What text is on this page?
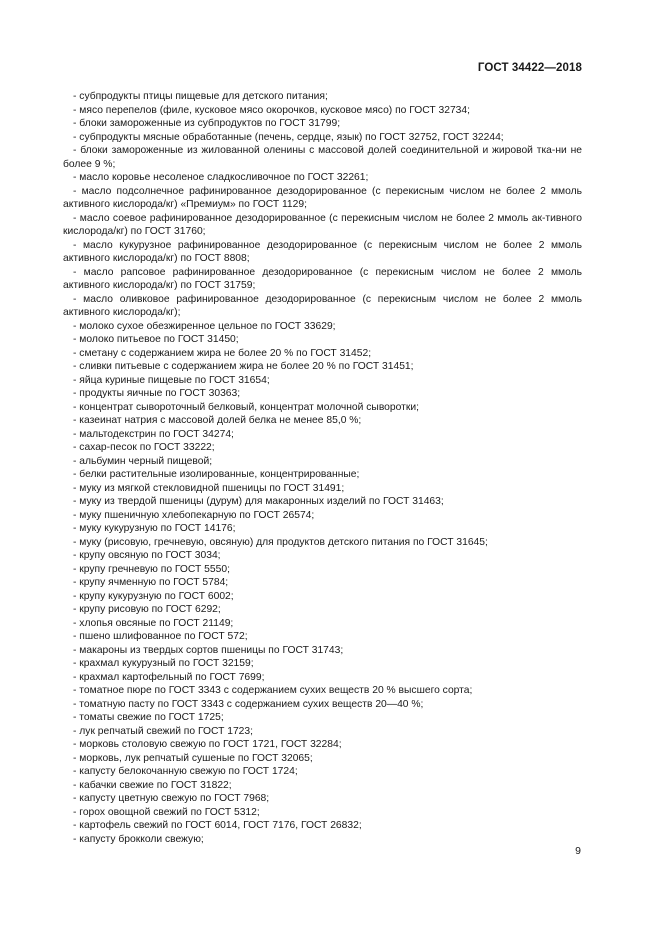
ГОСТ 34422—2018

- субпродукты птицы пищевые для детского питания;

- мясо перепелов (филе, кусковое мясо окорочков, кусковое мясо) по ГОСТ 32734;

- блоки замороженные из субпродуктов по ГОСТ 31799;

- субпродукты мясные обработанные (печень, сердце, язык) по ГОСТ 32752, ГОСТ 32244;

- блоки замороженные из жилованной оленины с массовой долей соединительной и жировой тка-ни не более 9 %;

- масло коровье несоленое сладкосливочное по ГОСТ 32261;

- масло подсолнечное рафинированное дезодорированное (с перекисным числом не более 2 ммоль активного кислорода/кг) «Премиум» по ГОСТ 1129;

- масло соевое рафинированное дезодорированное (с перекисным числом не более 2 ммоль ак-тивного кислорода/кг) по ГОСТ 31760;

- масло кукурузное рафинированное дезодорированное (с перекисным числом не более 2 ммоль активного кислорода/кг) по ГОСТ 8808;

- масло рапсовое рафинированное дезодорированное (с перекисным числом не более 2 ммоль активного кислорода/кг) по ГОСТ 31759;

- масло оливковое рафинированное дезодорированное (с перекисным числом не более 2 ммоль активного кислорода/кг);

- молоко сухое обезжиренное цельное по ГОСТ 33629;

- молоко питьевое по ГОСТ 31450;

- сметану с содержанием жира не более 20 % по ГОСТ 31452;

- сливки питьевые с содержанием жира не более 20 % по ГОСТ 31451;

- яйца куриные пищевые по ГОСТ 31654;

- продукты яичные по ГОСТ 30363;

- концентрат сывороточный белковый, концентрат молочной сыворотки;

- казеинат натрия с массовой долей белка не менее 85,0 %;

- мальтодекстрин по ГОСТ 34274;

- сахар-песок по ГОСТ 33222;

- альбумин черный пищевой;

- белки растительные изолированные, концентрированные;

- муку из мягкой стекловидной пшеницы по ГОСТ 31491;

- муку из твердой пшеницы (дурум) для макаронных изделий по ГОСТ 31463;

- муку пшеничную хлебопекарную по ГОСТ 26574;

- муку кукурузную по ГОСТ 14176;

- муку (рисовую, гречневую, овсяную) для продуктов детского питания по ГОСТ 31645;

- крупу овсяную по ГОСТ 3034;

- крупу гречневую по ГОСТ 5550;

- крупу ячменную по ГОСТ 5784;

- крупу кукурузную по ГОСТ 6002;

- крупу рисовую по ГОСТ 6292;

- хлопья овсяные по ГОСТ 21149;

- пшено шлифованное по ГОСТ 572;

- макароны из твердых сортов пшеницы по ГОСТ 31743;

- крахмал кукурузный по ГОСТ 32159;

- крахмал картофельный по ГОСТ 7699;

- томатное пюре по ГОСТ 3343 с содержанием сухих веществ 20 % высшего сорта;

- томатную пасту по ГОСТ 3343 с содержанием сухих веществ 20—40 %;

- томаты свежие по ГОСТ 1725;

- лук репчатый свежий по ГОСТ 1723;

- морковь столовую свежую по ГОСТ 1721, ГОСТ 32284;

- морковь, лук репчатый сушеные по ГОСТ 32065;

- капусту белокочанную свежую по ГОСТ 1724;

- кабачки свежие по ГОСТ 31822;

- капусту цветную свежую по ГОСТ 7968;

- горох овощной свежий по ГОСТ 5312;

- картофель свежий по ГОСТ 6014, ГОСТ 7176, ГОСТ 26832;

- капусту брокколи свежую;

9
